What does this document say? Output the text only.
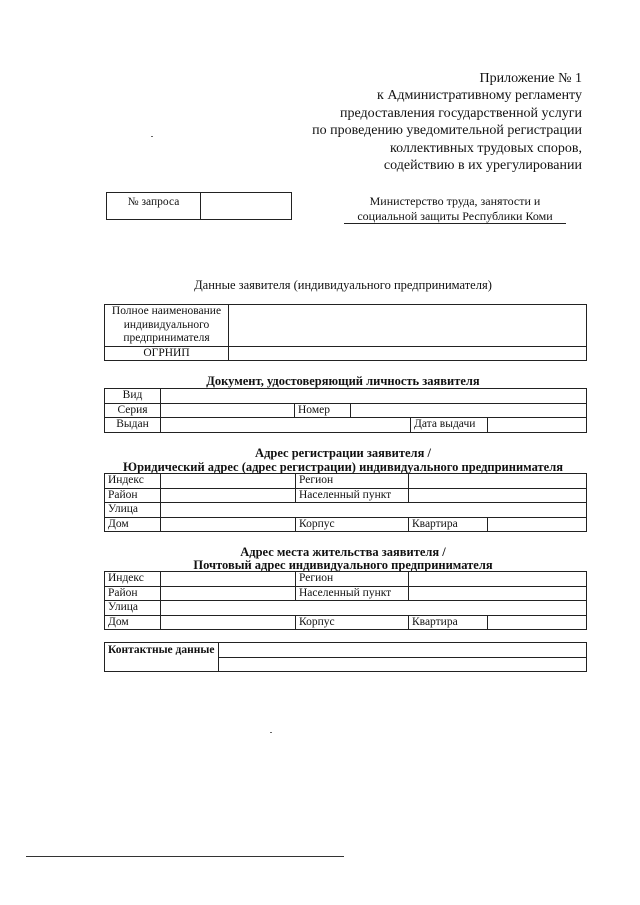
Приложение № 1
к Административному регламенту
предоставления государственной услуги
по проведению уведомительной регистрации
коллективных трудовых споров,
содействию в их урегулировании
№ запроса	Министерство труда, занятости и
социальной защиты Республики Коми
Данные заявителя (индивидуального предпринимателя)
Полное наименование индивидуального предпринимателя	
ОГРНИП	
Документ, удостоверяющий личность заявителя
Вид					
Серия		Номер			
Выдан				Дата выдачи	
Адрес регистрации заявителя /
Юридический адрес (адрес регистрации) индивидуального предпринимателя
Индекс		Регион		
Район		Населенный пункт		
Улица				
Дом		Корпус	Квартира	
Адрес места жительства заявителя /
Почтовый адрес индивидуального предпринимателя
Индекс		Регион		
Район		Населенный пункт		
Улица				
Дом		Корпус	Квартира	
Контактные данные	
